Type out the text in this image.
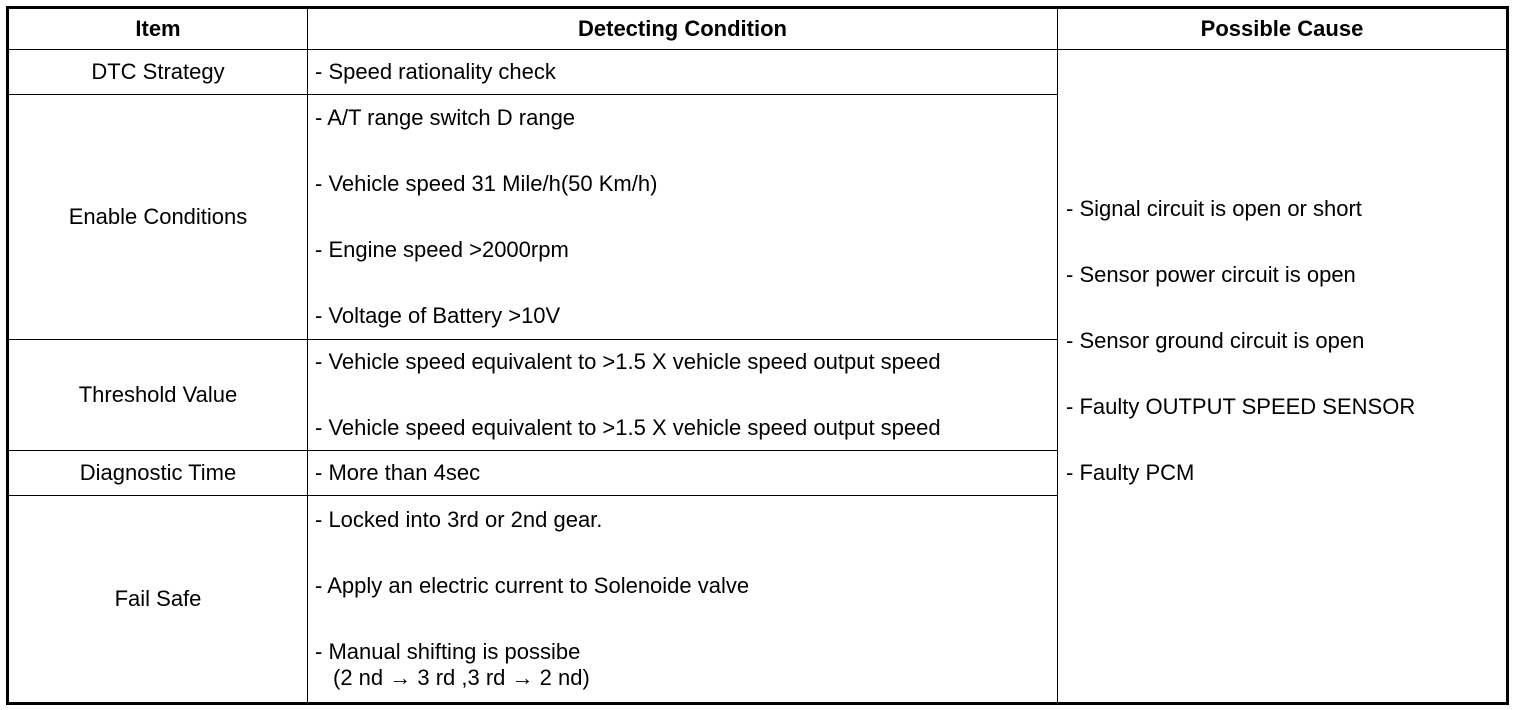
Item	Detecting Condition	Possible Cause
DTC Strategy	- Speed rationality check	- Signal circuit is open or short
- Sensor power circuit is open
- Sensor ground circuit is open
- Faulty OUTPUT SPEED SENSOR
- Faulty PCM

Enable Conditions	- A/T range switch D range
- Vehicle speed 31 Mile/h(50 Km/h)
- Engine speed >2000rpm
- Voltage of Battery >10V	

Threshold Value	- Vehicle speed equivalent to >1.5 X vehicle speed output speed
- Vehicle speed equivalent to >1.5 X vehicle speed output speed	

Diagnostic Time	- More than 4sec	

Fail Safe	- Locked into 3rd or 2nd gear.
- Apply an electric current to Solenoide valve
- Manual shifting is possibe
(2 nd → 3 rd ,3 rd → 2 nd)	
